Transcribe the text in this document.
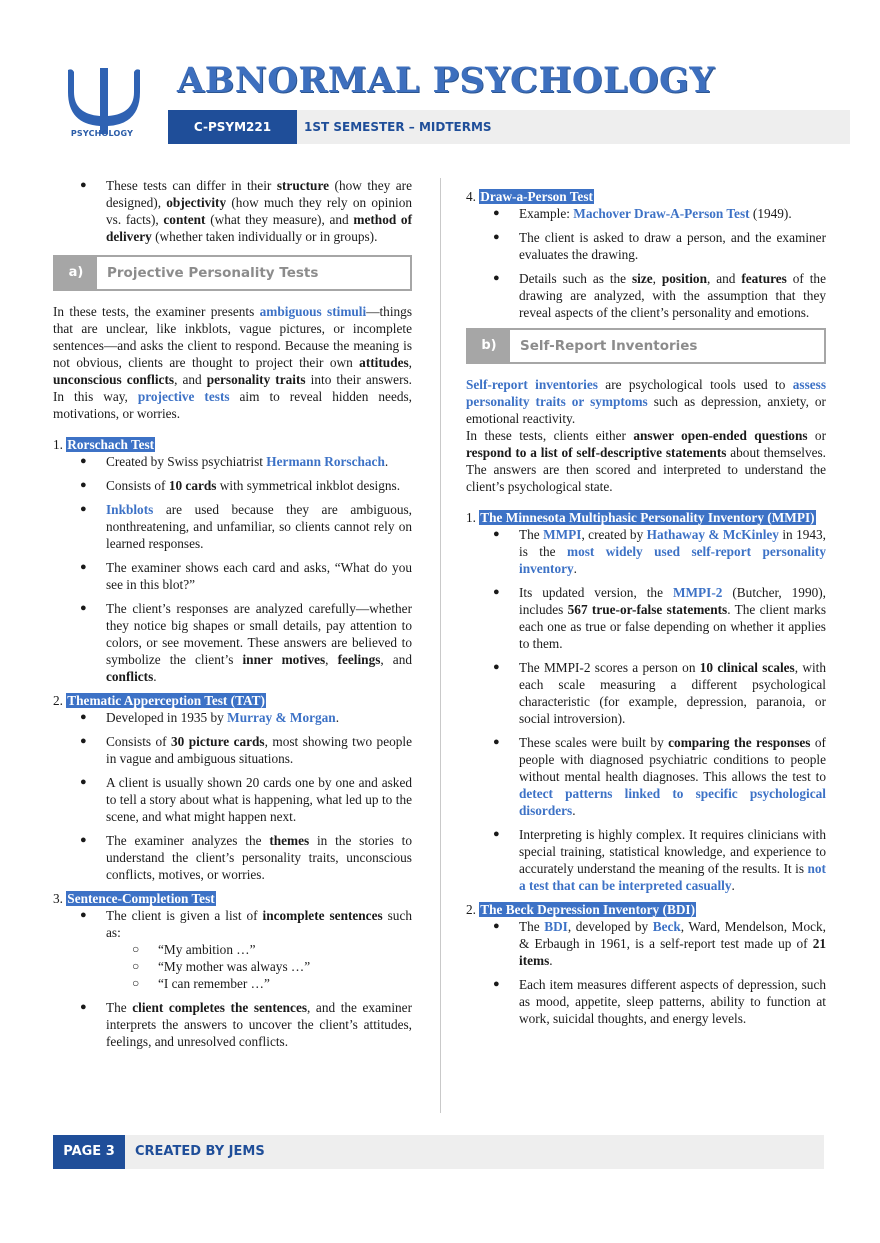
PSYCHOLOGY
ABNORMAL PSYCHOLOGY
C-PSYM221	1ST SEMESTER – MIDTERMS
● These tests can differ in their structure (how they are designed), objectivity (how much they rely on opinion vs. facts), content (what they measure), and method of delivery (whether taken individually or in groups).
a)	Projective Personality Tests

In these tests, the examiner presents ambiguous stimuli—things that are unclear, like inkblots, vague pictures, or incomplete sentences—and asks the client to respond. Because the meaning is not obvious, clients are thought to project their own attitudes, unconscious conflicts, and personality traits into their answers. In this way, projective tests aim to reveal hidden needs, motivations, or worries.

1. Rorschach Test

● Created by Swiss psychiatrist Hermann Rorschach.
● Consists of 10 cards with symmetrical inkblot designs.
● Inkblots are used because they are ambiguous, nonthreatening, and unfamiliar, so clients cannot rely on learned responses.
● The examiner shows each card and asks, “What do you see in this blot?”
● The client’s responses are analyzed carefully—whether they notice big shapes or small details, pay attention to colors, or see movement. These answers are believed to symbolize the client’s inner motives, feelings, and conflicts.

2. Thematic Apperception Test (TAT)

● Developed in 1935 by Murray & Morgan.
● Consists of 30 picture cards, most showing two people in vague and ambiguous situations.
● A client is usually shown 20 cards one by one and asked to tell a story about what is happening, what led up to the scene, and what might happen next.
● The examiner analyzes the themes in the stories to understand the client’s personality traits, unconscious conflicts, motives, or worries.

3. Sentence-Completion Test

● The client is given a list of incomplete sentences such as:
○ “My ambition …”
○ “My mother was always …”
○ “I can remember …”
● The client completes the sentences, and the examiner interprets the answers to uncover the client’s attitudes, feelings, and unresolved conflicts.

4. Draw-a-Person Test

● Example: Machover Draw-A-Person Test (1949).
● The client is asked to draw a person, and the examiner evaluates the drawing.
● Details such as the size, position, and features of the drawing are analyzed, with the assumption that they reveal aspects of the client’s personality and emotions.
b)	Self-Report Inventories

Self-report inventories are psychological tools used to assess personality traits or symptoms such as depression, anxiety, or emotional reactivity.

In these tests, clients either answer open-ended questions or respond to a list of self-descriptive statements about themselves. The answers are then scored and interpreted to understand the client’s psychological state.

1. The Minnesota Multiphasic Personality Inventory (MMPI)

● The MMPI, created by Hathaway & McKinley in 1943, is the most widely used self-report personality inventory.
● Its updated version, the MMPI-2 (Butcher, 1990), includes 567 true-or-false statements. The client marks each one as true or false depending on whether it applies to them.
● The MMPI-2 scores a person on 10 clinical scales, with each scale measuring a different psychological characteristic (for example, depression, paranoia, or social introversion).
● These scales were built by comparing the responses of people with diagnosed psychiatric conditions to people without mental health diagnoses. This allows the test to detect patterns linked to specific psychological disorders.
● Interpreting is highly complex. It requires clinicians with special training, statistical knowledge, and experience to accurately understand the meaning of the results. It is not a test that can be interpreted casually.

2. The Beck Depression Inventory (BDI)

● The BDI, developed by Beck, Ward, Mendelson, Mock, & Erbaugh in 1961, is a self-report test made up of 21 items.
● Each item measures different aspects of depression, such as mood, appetite, sleep patterns, ability to function at work, suicidal thoughts, and energy levels.
PAGE 3	CREATED BY JEMS
